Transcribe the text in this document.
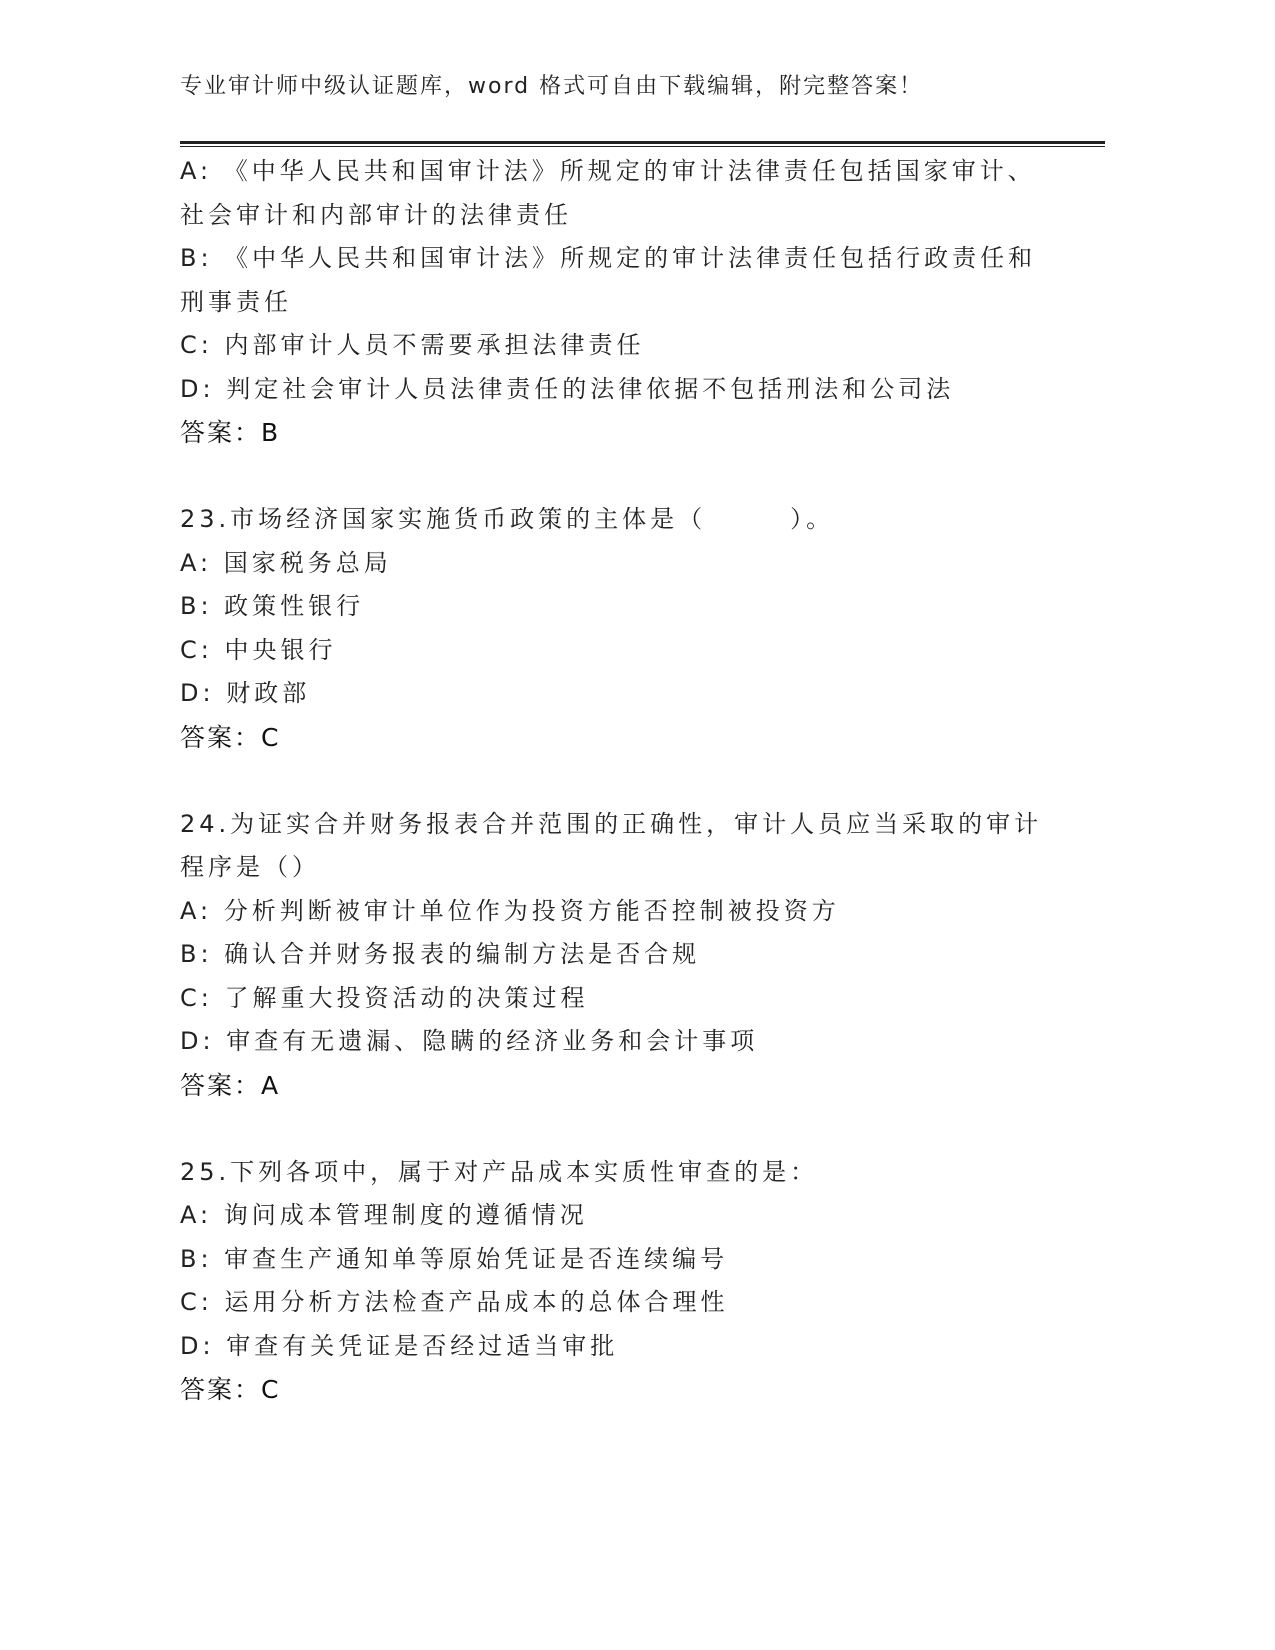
专业审计师中级认证题库，word 格式可自由下载编辑，附完整答案！
A: 《中华人民共和国审计法》所规定的审计法律责任包括国家审计、
社会审计和内部审计的法律责任
B: 《中华人民共和国审计法》所规定的审计法律责任包括行政责任和
刑事责任
C: 内部审计人员不需要承担法律责任
D: 判定社会审计人员法律责任的法律依据不包括刑法和公司法
答案：B
23.市场经济国家实施货币政策的主体是（　　　）。
A: 国家税务总局
B: 政策性银行
C: 中央银行
D: 财政部
答案：C
24.为证实合并财务报表合并范围的正确性，审计人员应当采取的审计
程序是（）
A: 分析判断被审计单位作为投资方能否控制被投资方
B: 确认合并财务报表的编制方法是否合规
C: 了解重大投资活动的决策过程
D: 审查有无遗漏、隐瞒的经济业务和会计事项
答案：A
25.下列各项中，属于对产品成本实质性审查的是：
A: 询问成本管理制度的遵循情况
B: 审查生产通知单等原始凭证是否连续编号
C: 运用分析方法检查产品成本的总体合理性
D: 审查有关凭证是否经过适当审批
答案：C
